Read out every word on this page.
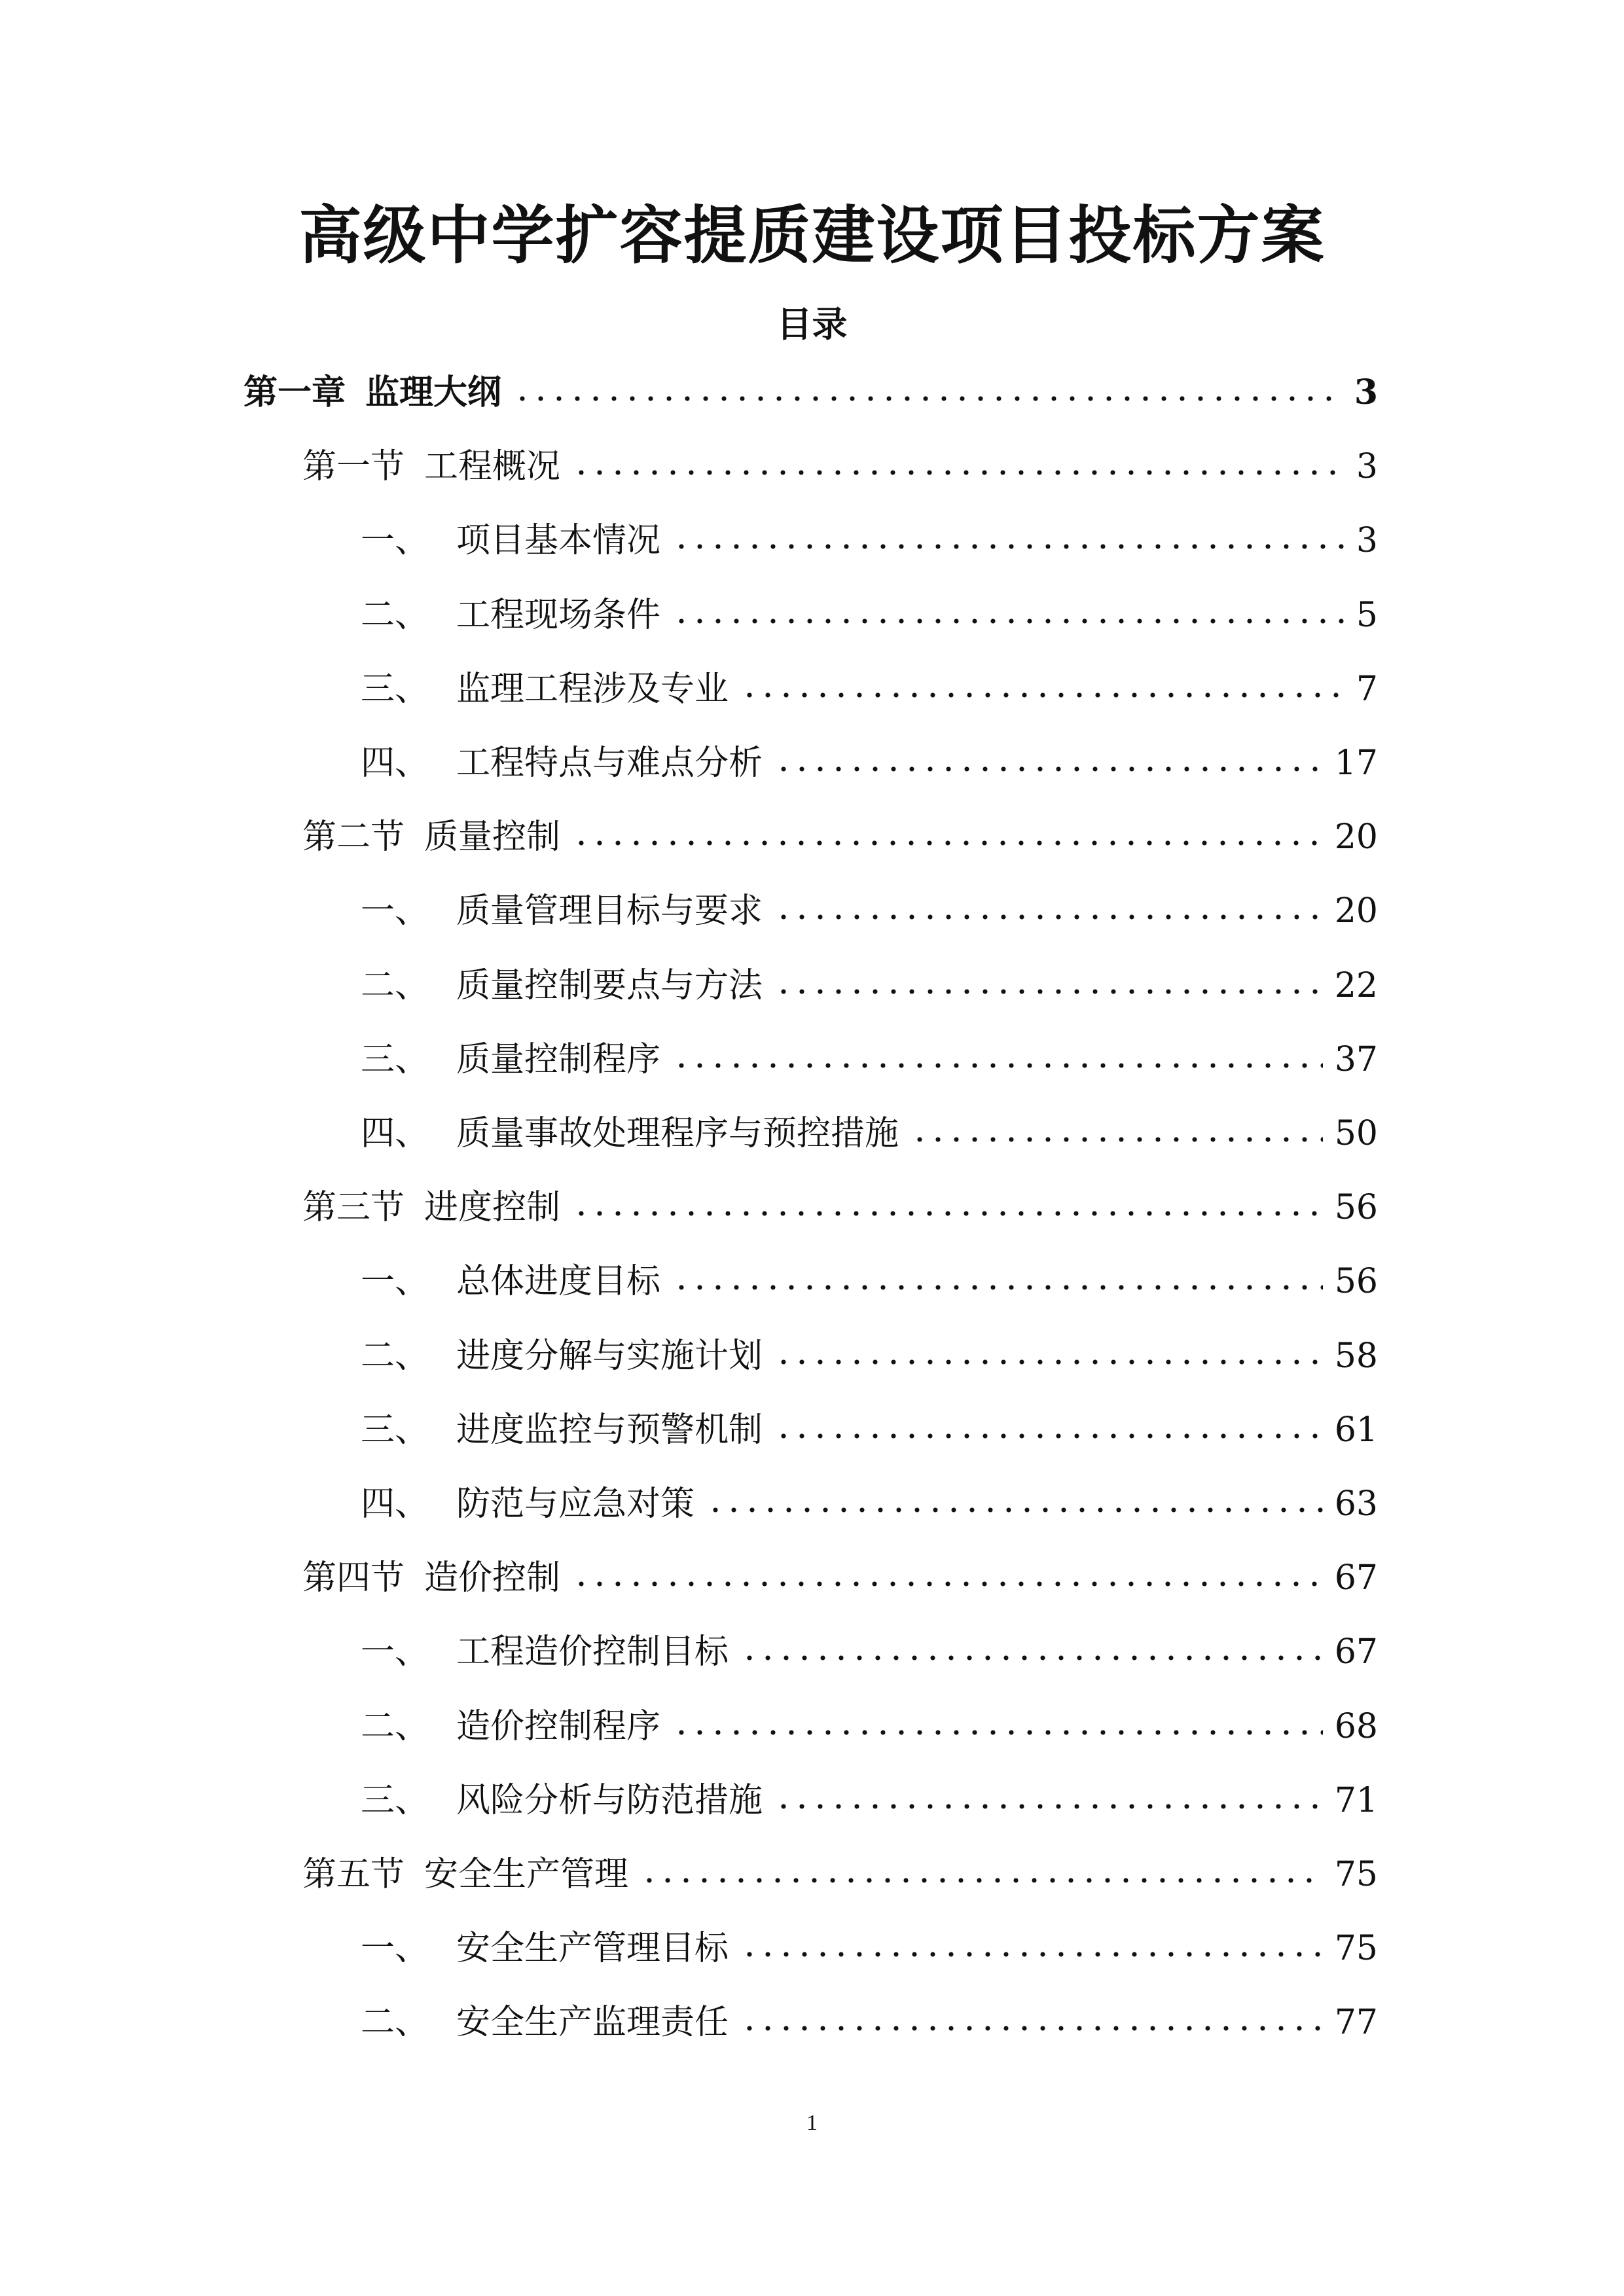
高级中学扩容提质建设项目投标方案
目录
第一章 监理大纲	3
第一节 工程概况	3
一、 项目基本情况	3
二、 工程现场条件	5
三、 监理工程涉及专业	7
四、 工程特点与难点分析	17
第二节 质量控制	20
一、 质量管理目标与要求	20
二、 质量控制要点与方法	22
三、 质量控制程序	37
四、 质量事故处理程序与预控措施	50
第三节 进度控制	56
一、 总体进度目标	56
二、 进度分解与实施计划	58
三、 进度监控与预警机制	61
四、 防范与应急对策	63
第四节 造价控制	67
一、 工程造价控制目标	67
二、 造价控制程序	68
三、 风险分析与防范措施	71
第五节 安全生产管理	75
一、 安全生产管理目标	75
二、 安全生产监理责任	77
1
